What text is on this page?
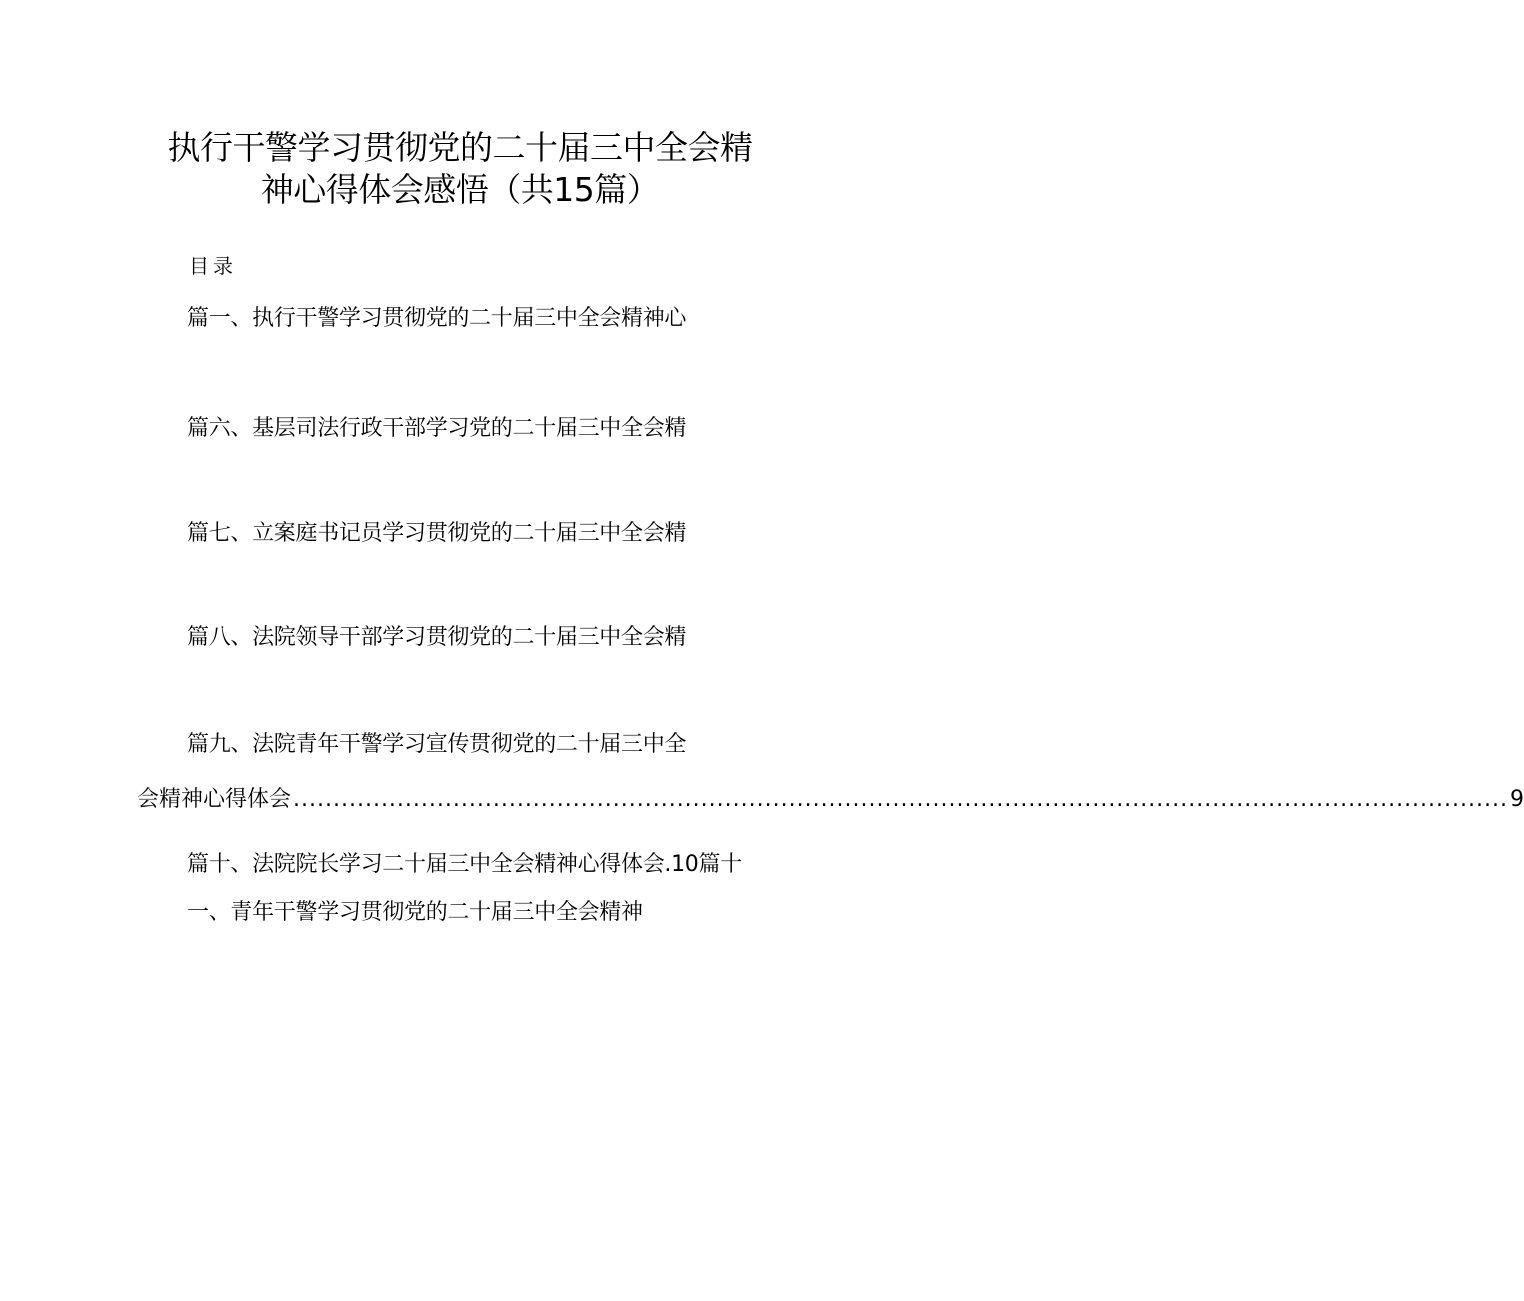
执行干警学习贯彻党的二十届三中全会精
神心得体会感悟（共15篇）
目录
篇一、执行干警学习贯彻党的二十届三中全会精神心
篇六、基层司法行政干部学习党的二十届三中全会精
篇七、立案庭书记员学习贯彻党的二十届三中全会精
篇八、法院领导干部学习贯彻党的二十届三中全会精
篇九、法院青年干警学习宣传贯彻党的二十届三中全
会精神心得体会 ........................................................................................................................................................ 9
篇十、法院院长学习二十届三中全会精神心得体会.10篇十
一、青年干警学习贯彻党的二十届三中全会精神
